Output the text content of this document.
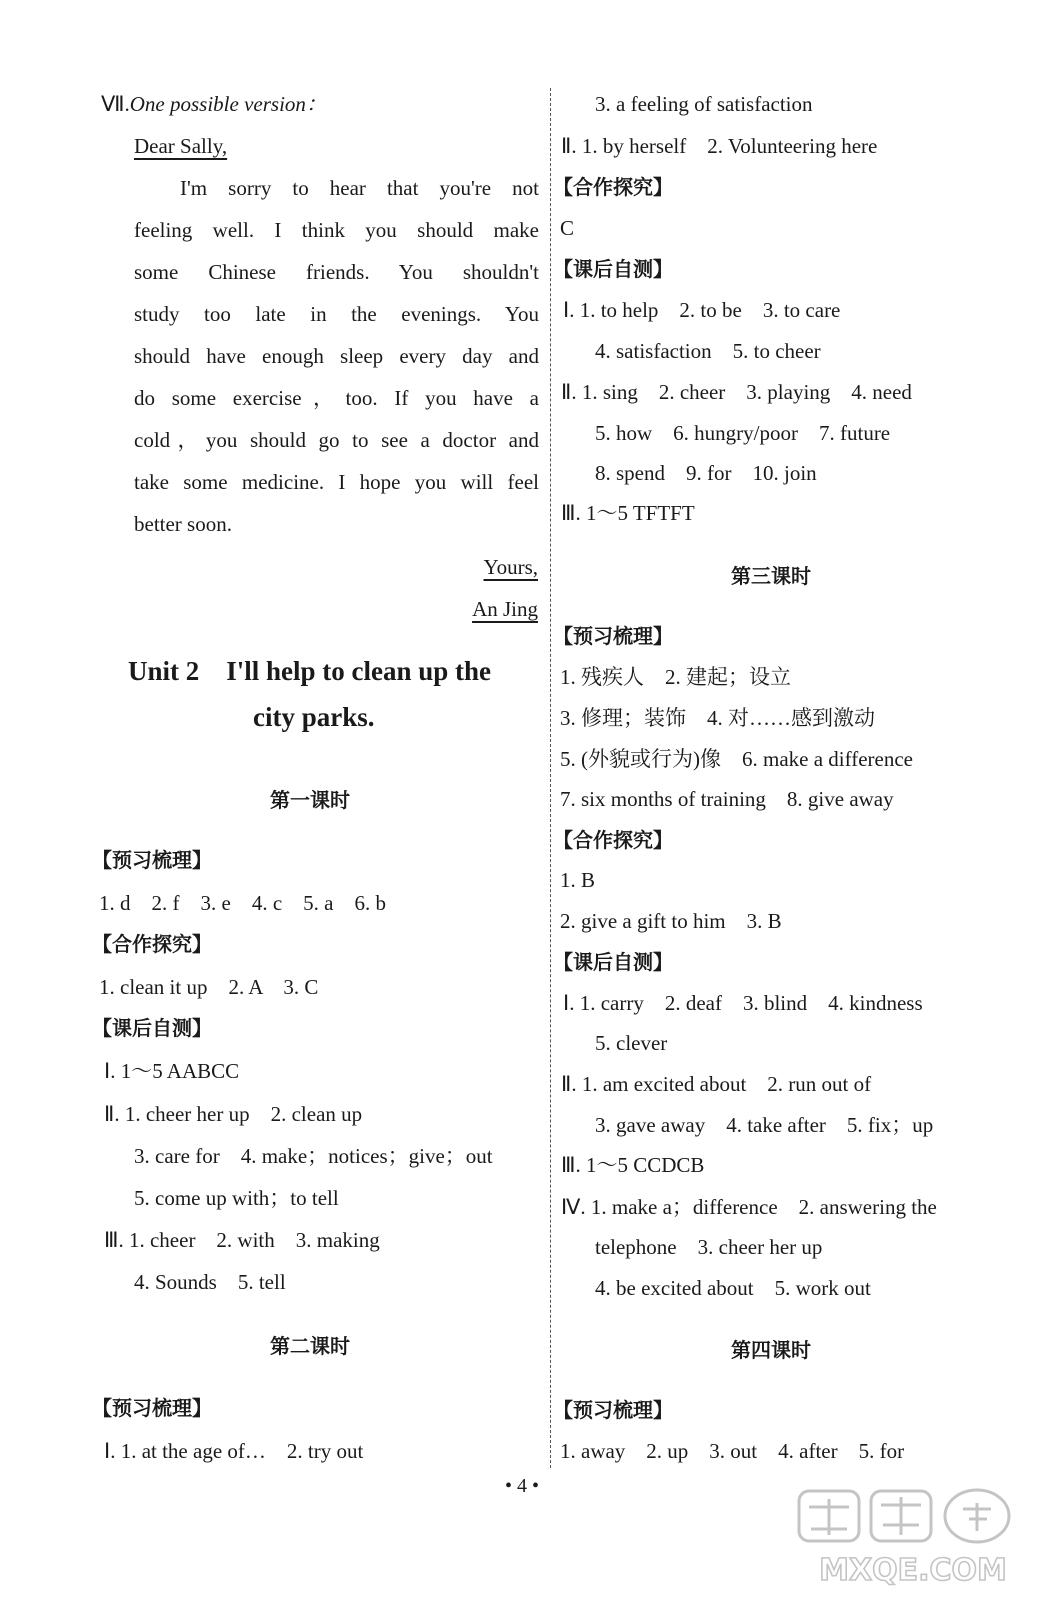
Ⅶ.One possible version：
Dear Sally,
I'm sorry to hear that you're not
feeling well. I think you should make
some Chinese friends. You shouldn't
study too late in the evenings. You
should have enough sleep every day and
do some exercise，too. If you have a
cold，you should go to see a doctor and
take some medicine. I hope you will feel
better soon.
Yours,
An Jing
Unit 2　I'll help to clean up the
city parks.
第一课时
【预习梳理】
1. d　2. f　3. e　4. c　5. a　6. b
【合作探究】
1. clean it up　2. A　3. C
【课后自测】
Ⅰ. 1～5 AABCC
Ⅱ. 1. cheer her up　2. clean up
3. care for　4. make；notices；give；out
5. come up with；to tell
Ⅲ. 1. cheer　2. with　3. making
4. Sounds　5. tell
第二课时
【预习梳理】
Ⅰ. 1. at the age of…　2. try out
3. a feeling of satisfaction
Ⅱ. 1. by herself　2. Volunteering here
【合作探究】
C
【课后自测】
Ⅰ. 1. to help　2. to be　3. to care
4. satisfaction　5. to cheer
Ⅱ. 1. sing　2. cheer　3. playing　4. need
5. how　6. hungry/poor　7. future
8. spend　9. for　10. join
Ⅲ. 1～5 TFTFT
第三课时
【预习梳理】
1. 残疾人　2. 建起；设立
3. 修理；装饰　4. 对……感到激动
5. (外貌或行为)像　6. make a difference
7. six months of training　8. give away
【合作探究】
1. B
2. give a gift to him　3. B
【课后自测】
Ⅰ. 1. carry　2. deaf　3. blind　4. kindness
5. clever
Ⅱ. 1. am excited about　2. run out of
3. gave away　4. take after　5. fix；up
Ⅲ. 1～5 CCDCB
Ⅳ. 1. make a；difference　2. answering the
telephone　3. cheer her up
4. be excited about　5. work out
第四课时
【预习梳理】
1. away　2. up　3. out　4. after　5. for
• 4 •
MXQE.COM
